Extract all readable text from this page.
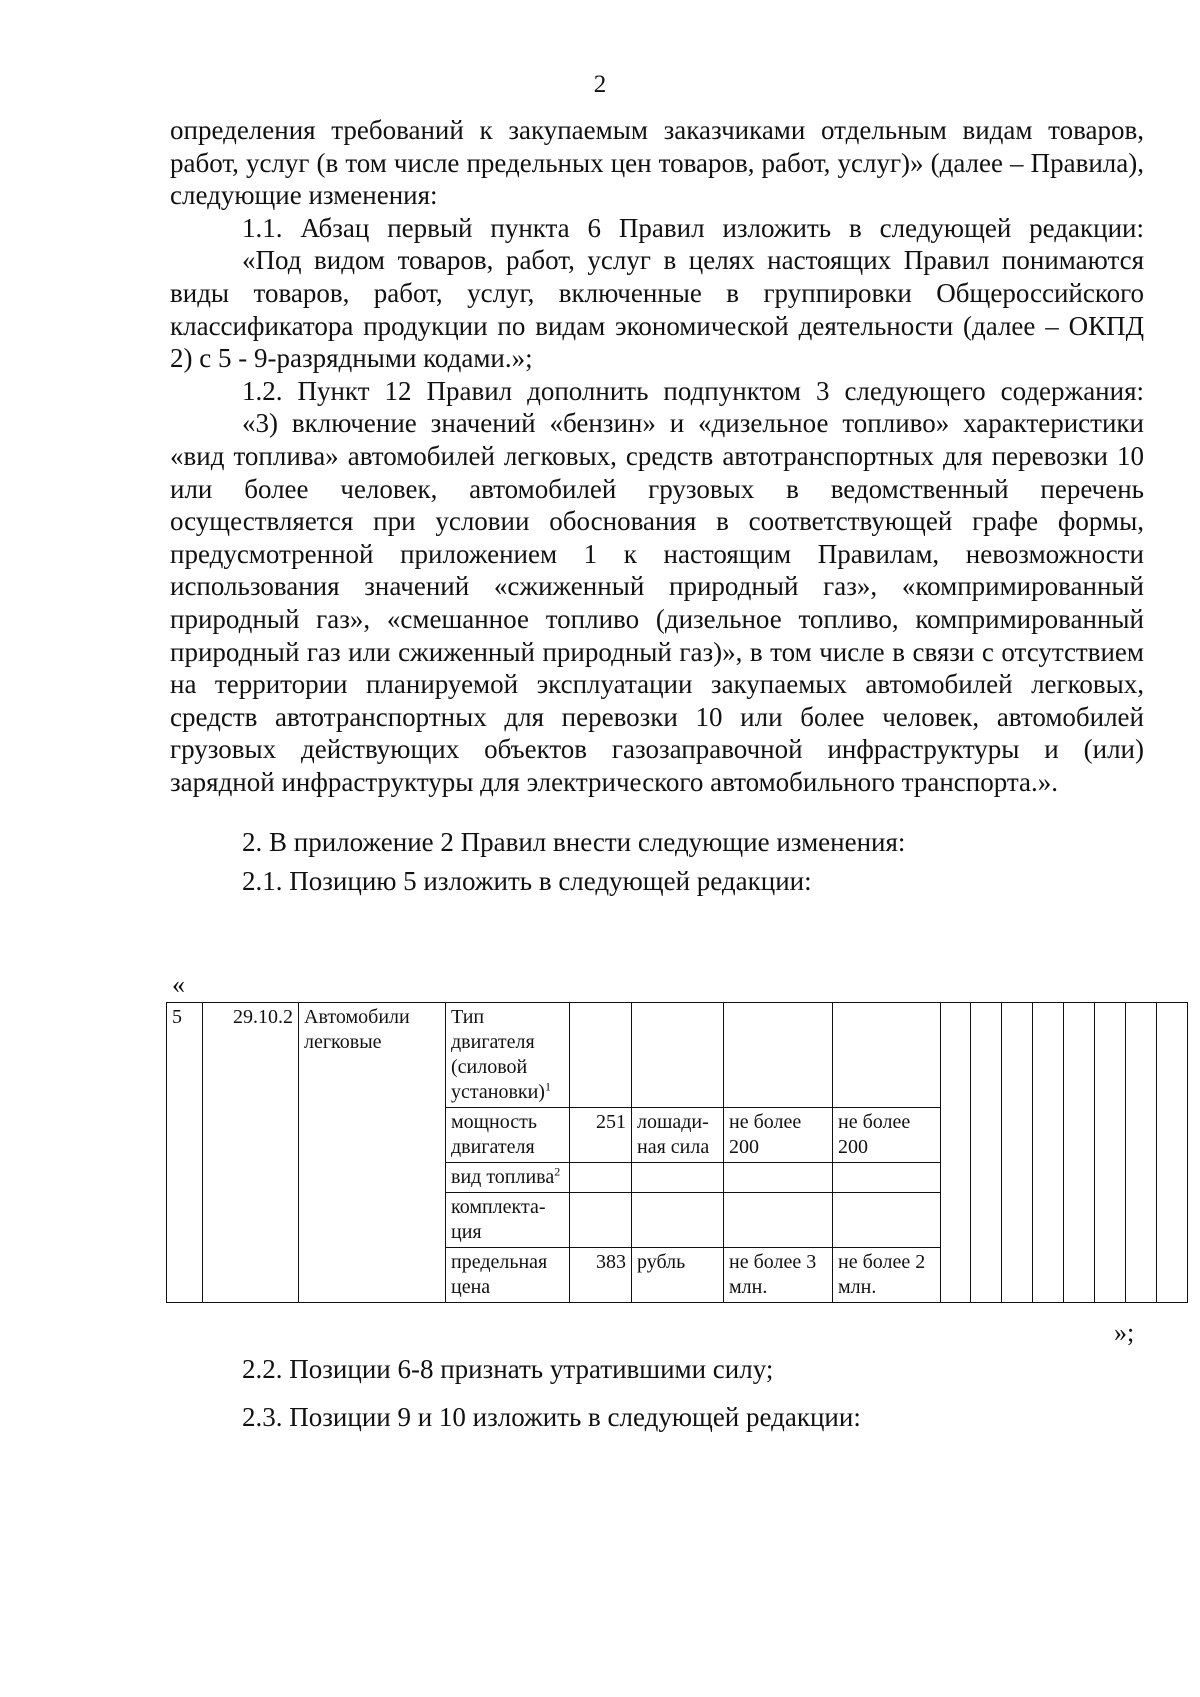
2

определения требований к закупаемым заказчиками отдельным видам товаров, работ, услуг (в том числе предельных цен товаров, работ, услуг)» (далее – Правила), следующие изменения:

1.1. Абзац первый пункта 6 Правил изложить в следующей редакции:

«Под видом товаров, работ, услуг в целях настоящих Правил понимаются виды товаров, работ, услуг, включенные в группировки Общероссийского классификатора продукции по видам экономической деятельности (далее – ОКПД 2) с 5 - 9-разрядными кодами.»;

1.2. Пункт 12 Правил дополнить подпунктом 3 следующего содержания:

«3) включение значений «бензин» и «дизельное топливо» характеристики «вид топлива» автомобилей легковых, средств автотранспортных для перевозки 10 или более человек, автомобилей грузовых в ведомственный перечень осуществляется при условии обоснования в соответствующей графе формы, предусмотренной приложением 1 к настоящим Правилам, невозможности использования значений «сжиженный природный газ», «компримированный природный газ», «смешанное топливо (дизельное топливо, компримированный природный газ или сжиженный природный газ)», в том числе в связи с отсутствием на территории планируемой эксплуатации закупаемых автомобилей легковых, средств автотранспортных для перевозки 10 или более человек, автомобилей грузовых действующих объектов газозаправочной инфраструктуры и (или) зарядной инфраструктуры для электрического автомобильного транспорта.».

2. В приложение 2 Правил внести следующие изменения:

2.1. Позицию 5 изложить в следующей редакции:

«
5	29.10.2	Автомобили легковые	Тип двигателя (силовой установки)$^1$												
			мощность двигателя	251	лошади-ная сила	не более 200	не более 200								
			вид топлива$^2$				
			комплекта-ция												
			предельная цена	383	рубль	не более 3 млн.	не более 2 млн.								
»;

2.2. Позиции 6-8 признать утратившими силу;

2.3. Позиции 9 и 10 изложить в следующей редакции:
